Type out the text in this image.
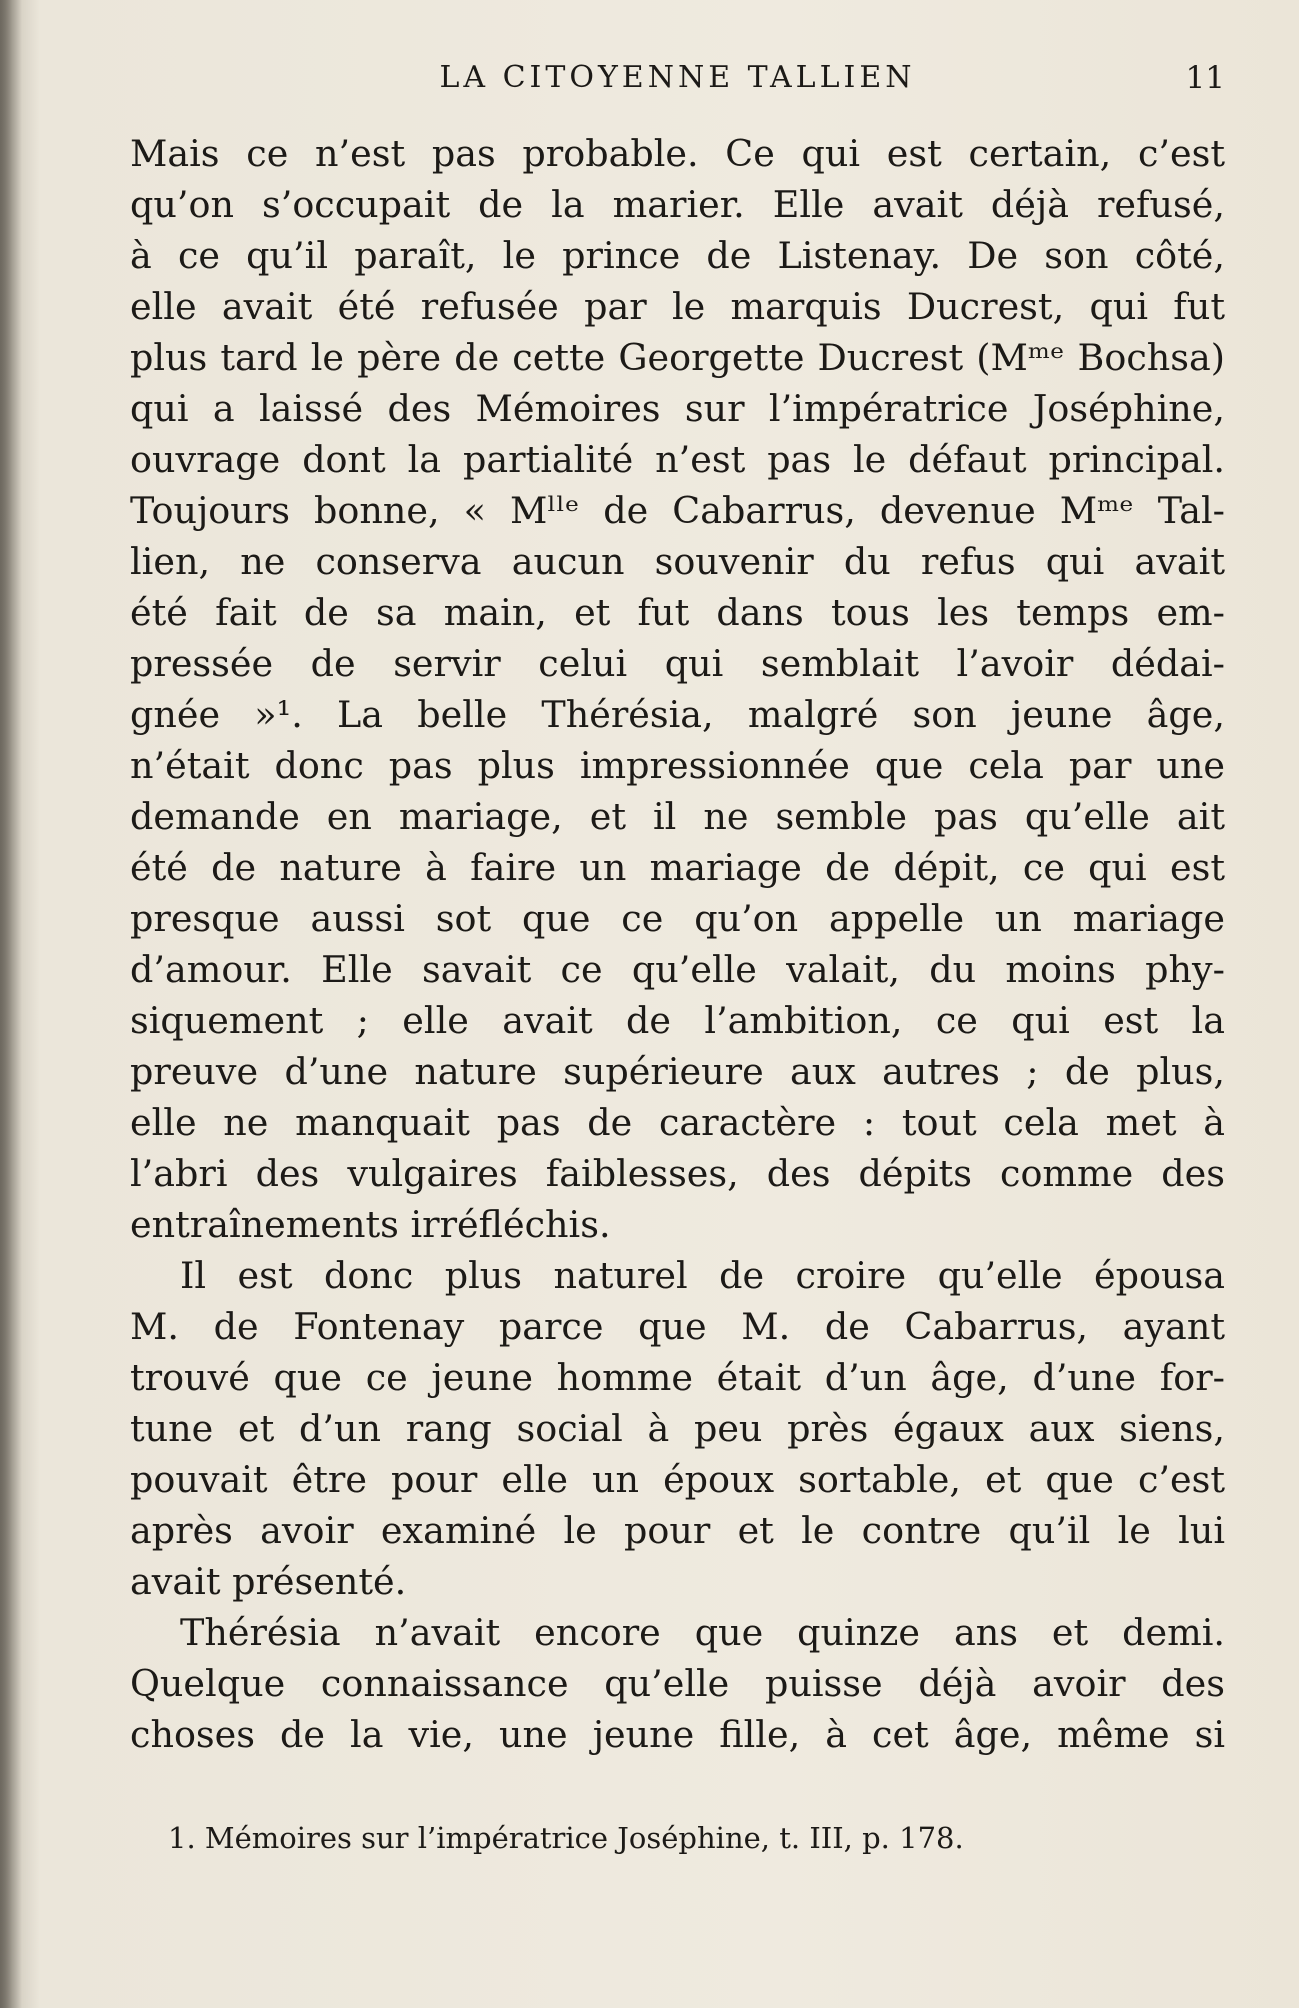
LA CITOYENNE TALLIEN	11
Mais ce n’est pas probable. Ce qui est certain, c’est
qu’on s’occupait de la marier. Elle avait déjà refusé,
à ce qu’il paraît, le prince de Listenay. De son côté,
elle avait été refusée par le marquis Ducrest, qui fut
plus tard le père de cette Georgette Ducrest (Mᵐᵉ Bochsa)
qui a laissé des Mémoires sur l’impératrice Joséphine,
ouvrage dont la partialité n’est pas le défaut principal.
Toujours bonne, « Mˡˡᵉ de Cabarrus, devenue Mᵐᵉ Tal-
lien, ne conserva aucun souvenir du refus qui avait
été fait de sa main, et fut dans tous les temps em-
pressée de servir celui qui semblait l’avoir dédai-
gnée »¹. La belle Thérésia, malgré son jeune âge,
n’était donc pas plus impressionnée que cela par une
demande en mariage, et il ne semble pas qu’elle ait
été de nature à faire un mariage de dépit, ce qui est
presque aussi sot que ce qu’on appelle un mariage
d’amour. Elle savait ce qu’elle valait, du moins phy-
siquement ; elle avait de l’ambition, ce qui est la
preuve d’une nature supérieure aux autres ; de plus,
elle ne manquait pas de caractère : tout cela met à
l’abri des vulgaires faiblesses, des dépits comme des
entraînements irréfléchis.
Il est donc plus naturel de croire qu’elle épousa
M. de Fontenay parce que M. de Cabarrus, ayant
trouvé que ce jeune homme était d’un âge, d’une for-
tune et d’un rang social à peu près égaux aux siens,
pouvait être pour elle un époux sortable, et que c’est
après avoir examiné le pour et le contre qu’il le lui
avait présenté.
Thérésia n’avait encore que quinze ans et demi.
Quelque connaissance qu’elle puisse déjà avoir des
choses de la vie, une jeune fille, à cet âge, même si
1. Mémoires sur l’impératrice Joséphine, t. III, p. 178.
